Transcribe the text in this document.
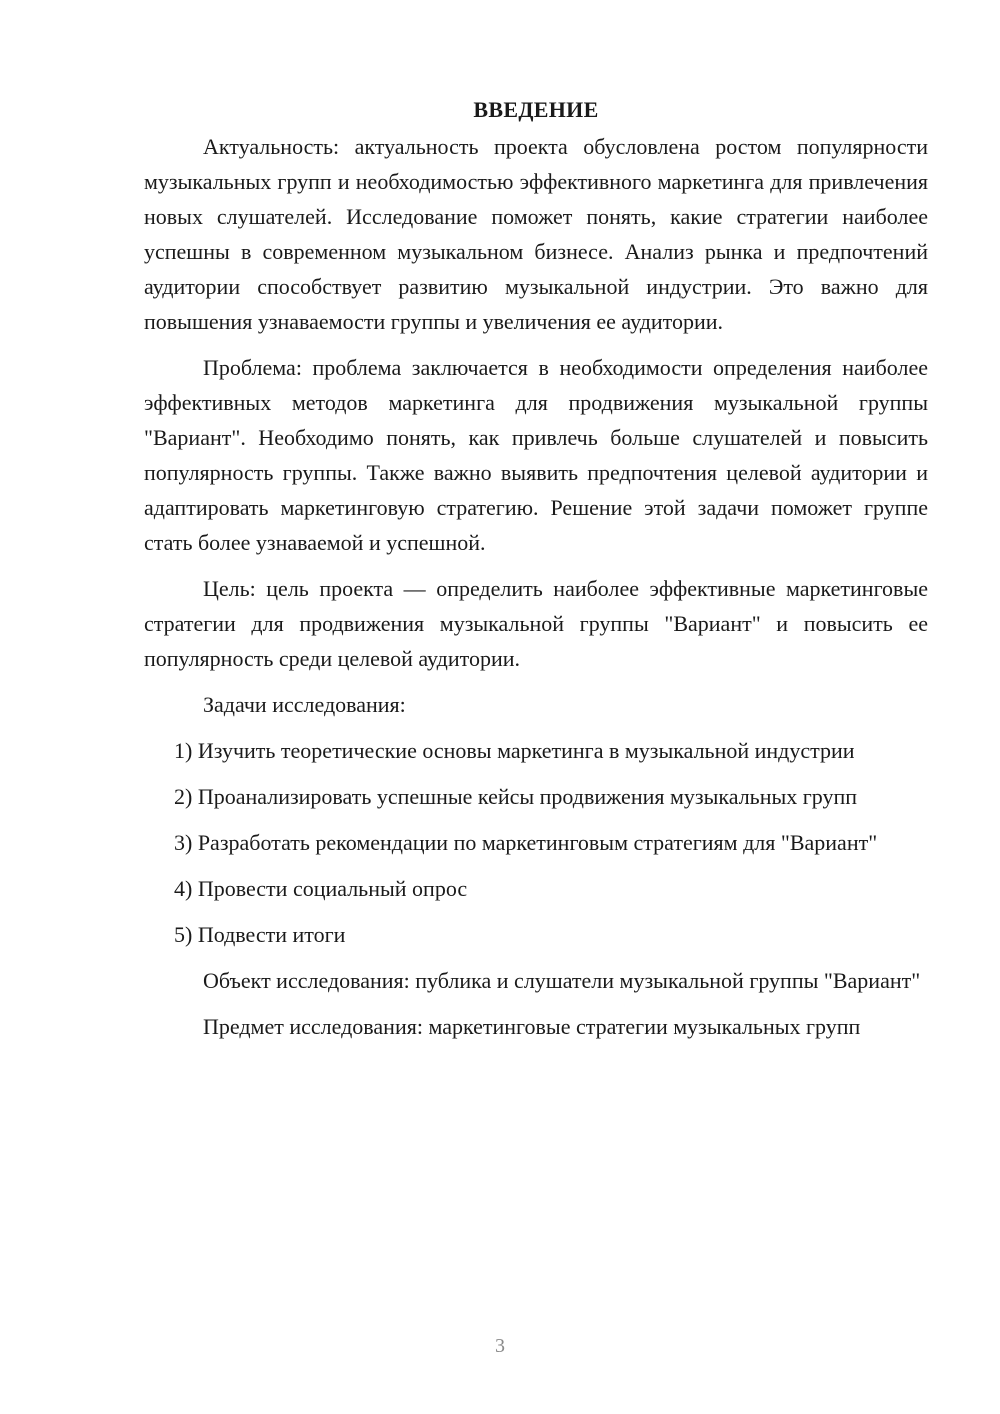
ВВЕДЕНИЕ

Актуальность: актуальность проекта обусловлена ростом популярности музыкальных групп и необходимостью эффективного маркетинга для привлечения новых слушателей. Исследование поможет понять, какие стратегии наиболее успешны в современном музыкальном бизнесе. Анализ рынка и предпочтений аудитории способствует развитию музыкальной индустрии. Это важно для повышения узнаваемости группы и увеличения ее аудитории.

Проблема: проблема заключается в необходимости определения наиболее эффективных методов маркетинга для продвижения музыкальной группы "Вариант". Необходимо понять, как привлечь больше слушателей и повысить популярность группы. Также важно выявить предпочтения целевой аудитории и адаптировать маркетинговую стратегию. Решение этой задачи поможет группе стать более узнаваемой и успешной.

Цель: цель проекта — определить наиболее эффективные маркетинговые стратегии для продвижения музыкальной группы "Вариант" и повысить ее популярность среди целевой аудитории.

Задачи исследования:

1) Изучить теоретические основы маркетинга в музыкальной индустрии

2) Проанализировать успешные кейсы продвижения музыкальных групп

3) Разработать рекомендации по маркетинговым стратегиям для "Вариант"

4) Провести социальный опрос

5) Подвести итоги

Объект исследования: публика и слушатели музыкальной группы "Вариант"

Предмет исследования: маркетинговые стратегии музыкальных групп

3
